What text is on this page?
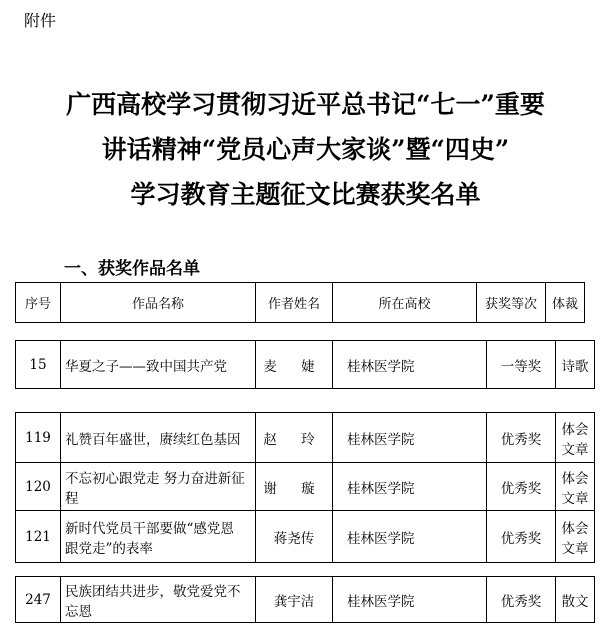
附件
广西高校学习贯彻习近平总书记“七一”重要
讲话精神“党员心声大家谈”暨“四史”
学习教育主题征文比赛获奖名单
一、获奖作品名单
序号	作品名称	作者姓名	所在高校	获奖等次	体裁
15	华夏之子——致中国共产党	麦 婕	桂林医学院	一等奖	诗歌
119	礼赞百年盛世，赓续红色基因	赵 玲	桂林医学院	优秀奖	体会文章
120	不忘初心跟党走 努力奋进新征程	谢 璇	桂林医学院	优秀奖	体会文章
121	新时代党员干部要做“感党恩 跟党走”的表率	蒋尧传	桂林医学院	优秀奖	体会文章
247	民族团结共进步，敬党爱党不忘恩	龚宇洁	桂林医学院	优秀奖	散文
